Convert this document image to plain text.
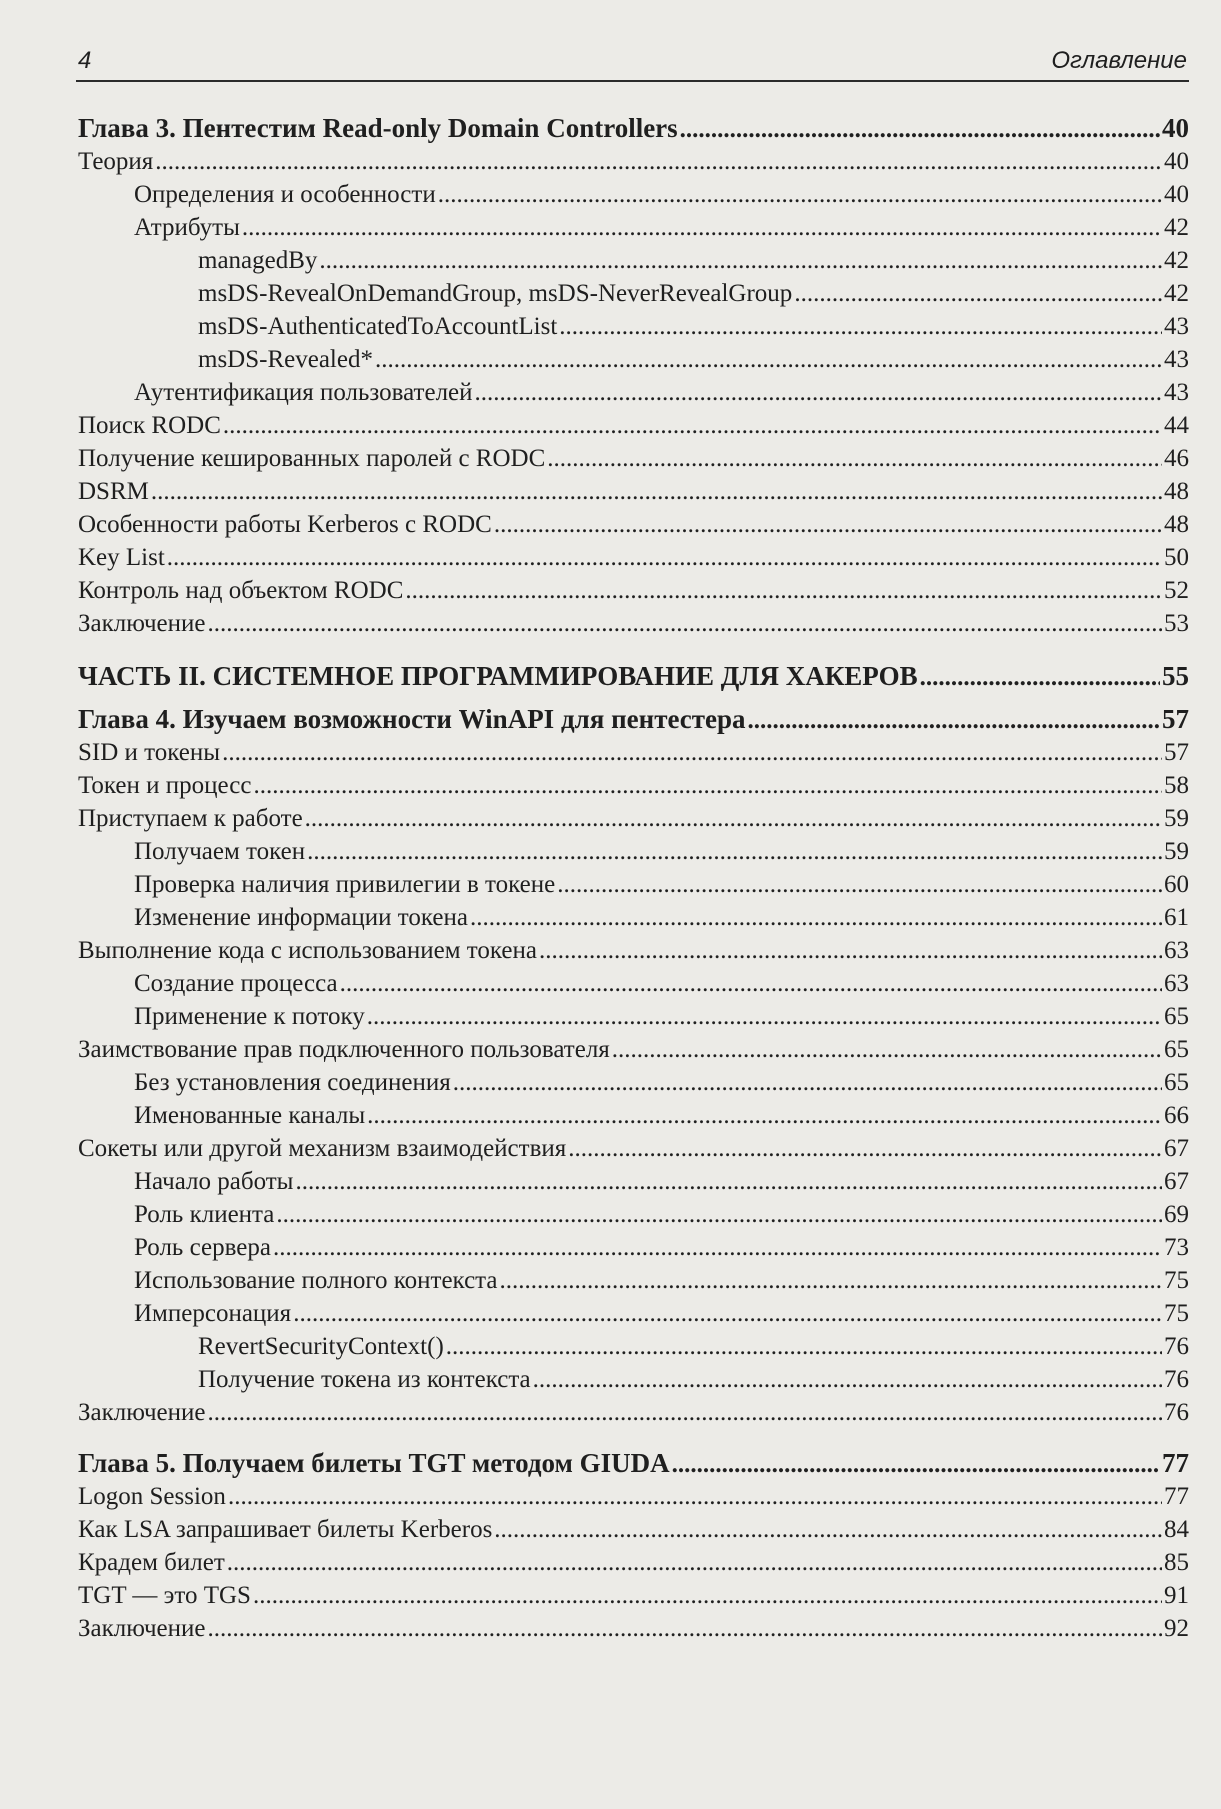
4	Оглавление
Глава 3. Пентестим Read-only Domain Controllers .....	40
Теория .....	40
Определения и особенности .....	40
Атрибуты .....	42
managedBy .....	42
msDS-RevealOnDemandGroup, msDS-NeverRevealGroup .....	42
msDS-AuthenticatedToAccountList .....	43
msDS-Revealed* .....	43
Аутентификация пользователей .....	43
Поиск RODC .....	44
Получение кешированных паролей с RODC .....	46
DSRM .....	48
Особенности работы Kerberos с RODC .....	48
Key List .....	50
Контроль над объектом RODC .....	52
Заключение .....	53
ЧАСТЬ II. СИСТЕМНОЕ ПРОГРАММИРОВАНИЕ ДЛЯ ХАКЕРОВ .....	55
Глава 4. Изучаем возможности WinAPI для пентестера .....	57
SID и токены .....	57
Токен и процесс .....	58
Приступаем к работе .....	59
Получаем токен .....	59
Проверка наличия привилегии в токене .....	60
Изменение информации токена .....	61
Выполнение кода с использованием токена .....	63
Создание процесса .....	63
Применение к потоку .....	65
Заимствование прав подключенного пользователя .....	65
Без установления соединения .....	65
Именованные каналы .....	66
Сокеты или другой механизм взаимодействия .....	67
Начало работы .....	67
Роль клиента .....	69
Роль сервера .....	73
Использование полного контекста .....	75
Имперсонация .....	75
RevertSecurityContext() .....	76
Получение токена из контекста .....	76
Заключение .....	76
Глава 5. Получаем билеты TGT методом GIUDA .....	77
Logon Session .....	77
Как LSA запрашивает билеты Kerberos .....	84
Крадем билет .....	85
TGT — это TGS .....	91
Заключение .....	92
